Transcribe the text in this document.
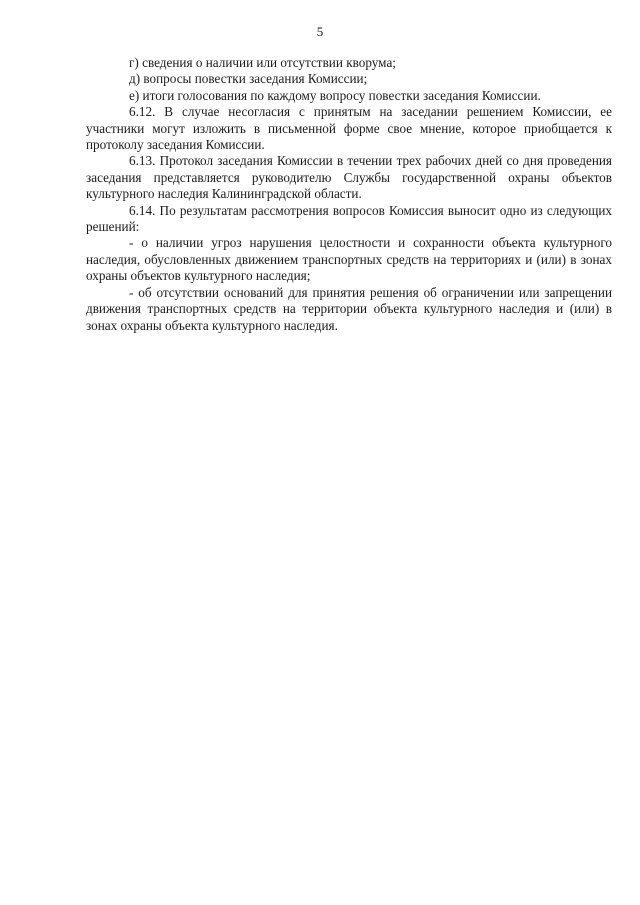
5

г) сведения о наличии или отсутствии кворума;

д) вопросы повестки заседания Комиссии;

е) итоги голосования по каждому вопросу повестки заседания Комиссии.

6.12. В случае несогласия с принятым на заседании решением Комиссии, ее участники могут изложить в письменной форме свое мнение, которое приобщается к протоколу заседания Комиссии.

6.13. Протокол заседания Комиссии в течении трех рабочих дней со дня проведения заседания представляется руководителю Службы государственной охраны объектов культурного наследия Калининградской области.

6.14. По результатам рассмотрения вопросов Комиссия выносит одно из следующих решений:

- о наличии угроз нарушения целостности и сохранности объекта культурного наследия, обусловленных движением транспортных средств на территориях и (или) в зонах охраны объектов культурного наследия;

- об отсутствии оснований для принятия решения об ограничении или запрещении движения транспортных средств на территории объекта культурного наследия и (или) в зонах охраны объекта культурного наследия.
